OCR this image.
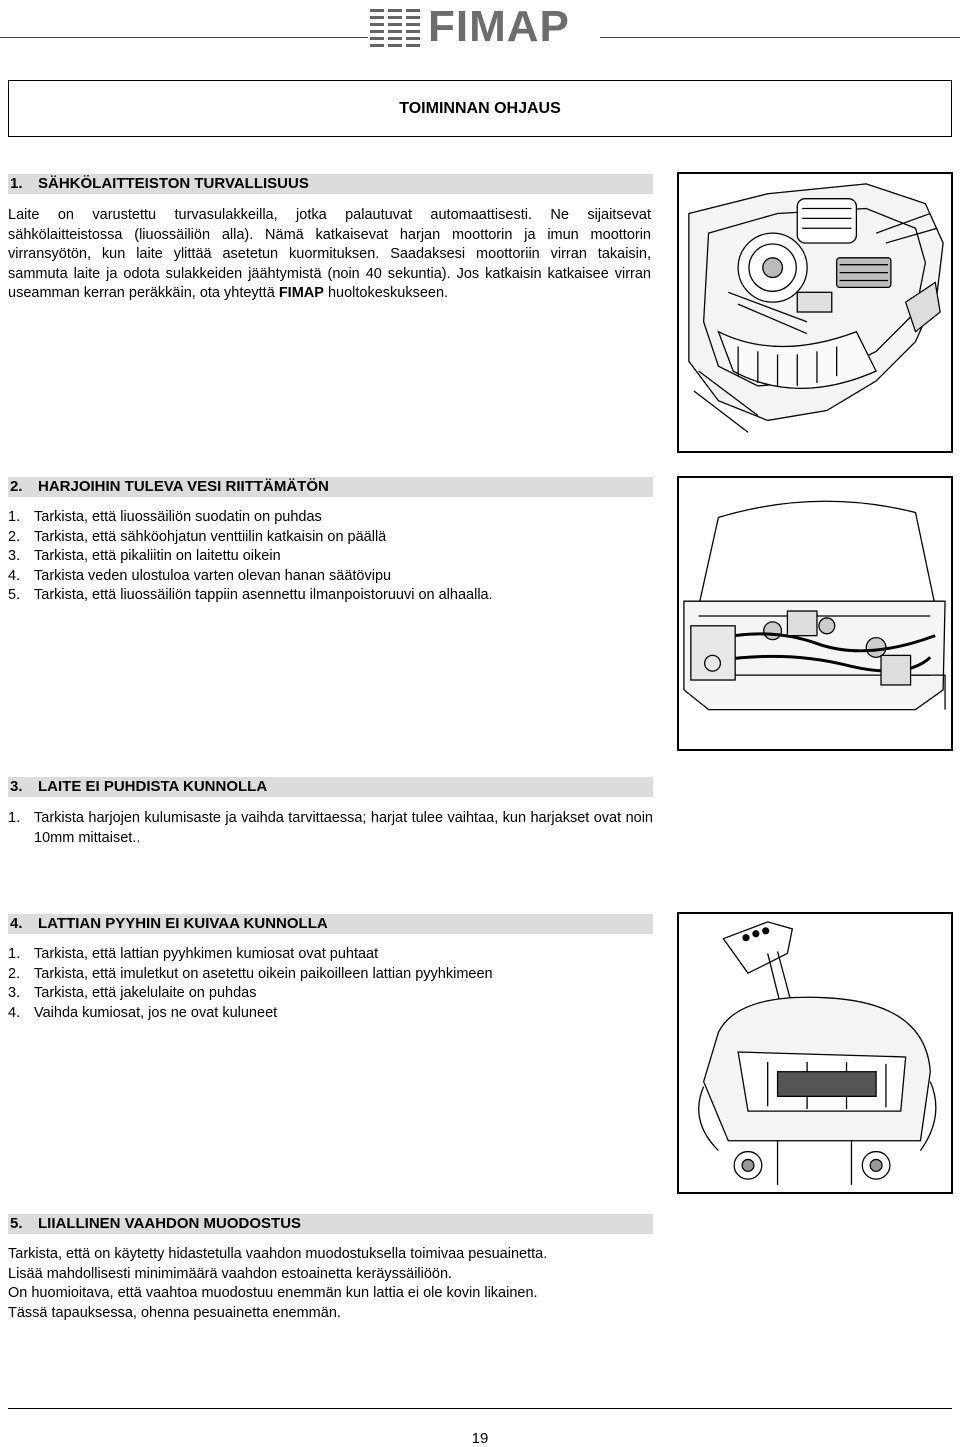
FIMAP
TOIMINNAN OHJAUS
1. SÄHKÖLAITTEISTON TURVALLISUUS
Laite on varustettu turvasulakkeilla, jotka palautuvat automaattisesti. Ne sijaitsevat sähkölaitteistossa (liuossäiliön alla). Nämä katkaisevat harjan moottorin ja imun moottorin virransyötön, kun laite ylittää asetetun kuormituksen. Saadaksesi moottoriin virran takaisin, sammuta laite ja odota sulakkeiden jäähtymistä (noin 40 sekuntia). Jos katkaisin katkaisee virran useamman kerran peräkkäin, ota yhteyttä FIMAP huoltokeskukseen.
2. HARJOIHIN TULEVA VESI RIITTÄMÄTÖN
1. Tarkista, että liuossäiliön suodatin on puhdas
2. Tarkista, että sähköohjatun venttiilin katkaisin on päällä
3. Tarkista, että pikaliitin on laitettu oikein
4. Tarkista veden ulostuloa varten olevan hanan säätövipu
5. Tarkista, että liuossäiliön tappiin asennettu ilmanpoistoruuvi on alhaalla.
3. LAITE EI PUHDISTA KUNNOLLA
1. Tarkista harjojen kulumisaste ja vaihda tarvittaessa; harjat tulee vaihtaa, kun harjakset ovat noin 10mm mittaiset..
4. LATTIAN PYYHIN EI KUIVAA KUNNOLLA
1. Tarkista, että lattian pyyhkimen kumiosat ovat puhtaat
2. Tarkista, että imuletkut on asetettu oikein paikoilleen lattian pyyhkimeen
3. Tarkista, että jakelulaite on puhdas
4. Vaihda kumiosat, jos ne ovat kuluneet
5. LIIALLINEN VAAHDON MUODOSTUS
Tarkista, että on käytetty hidastetulla vaahdon muodostuksella toimivaa pesuainetta.
Lisää mahdollisesti minimimäärä vaahdon estoainetta keräyssäiliöön.
On huomioitava, että vaahtoa muodostuu enemmän kun lattia ei ole kovin likainen.
Tässä tapauksessa, ohenna pesuainetta enemmän.
19
